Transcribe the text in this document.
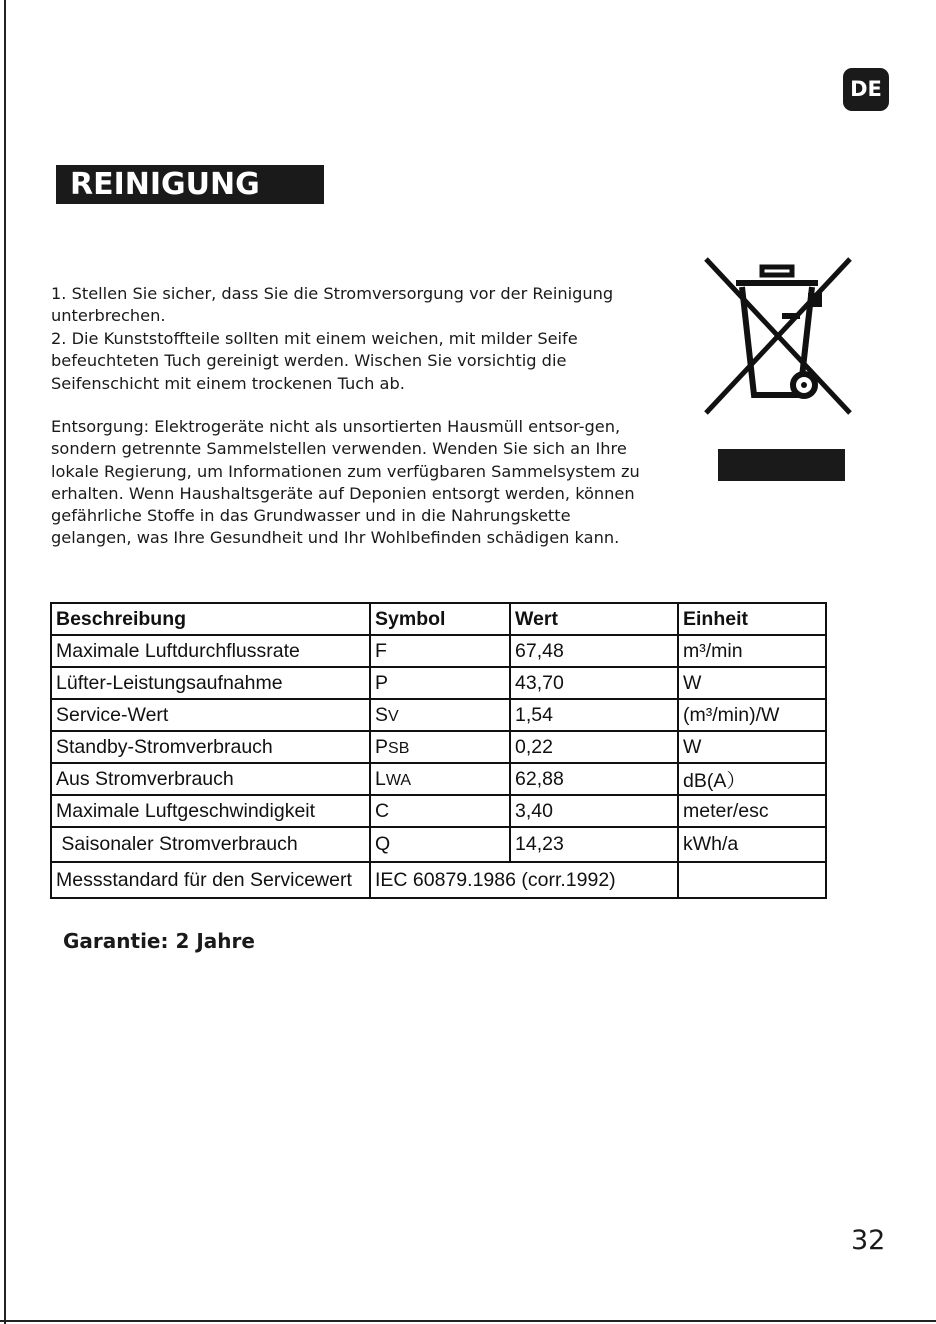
DE
REINIGUNG

1. Stellen Sie sicher, dass Sie die Stromversorgung vor der Reinigung unterbrechen.

2. Die Kunststoffteile sollten mit einem weichen, mit milder Seife befeuchteten Tuch gereinigt werden. Wischen Sie vorsichtig die Seifenschicht mit einem trockenen Tuch ab.

Entsorgung: Elektrogeräte nicht als unsortierten Hausmüll entsor-gen, sondern getrennte Sammelstellen verwenden. Wenden Sie sich an Ihre lokale Regierung, um Informationen zum verfügbaren Sammelsystem zu erhalten. Wenn Haushaltsgeräte auf Deponien entsorgt werden, können gefährliche Stoffe in das Grundwasser und in die Nahrungskette gelangen, was Ihre Gesundheit und Ihr Wohlbefinden schädigen kann.

Beschreibung	Symbol	Wert	Einheit
Maximale Luftdurchflussrate	F	67,48	m³/min
Lüfter-Leistungsaufnahme	P	43,70	W
Service-Wert	SV	1,54	(m³/min)/W
Standby-Stromverbrauch	PSB	0,22	W
Aus Stromverbrauch	LWA	62,88	dB(A）
Maximale Luftgeschwindigkeit	C	3,40	meter/esc
Saisonaler Stromverbrauch	Q	14,23	kWh/a
Messstandard für den Servicewert	IEC 60879.1986 (corr.1992)		
Garantie: 2 Jahre
32
